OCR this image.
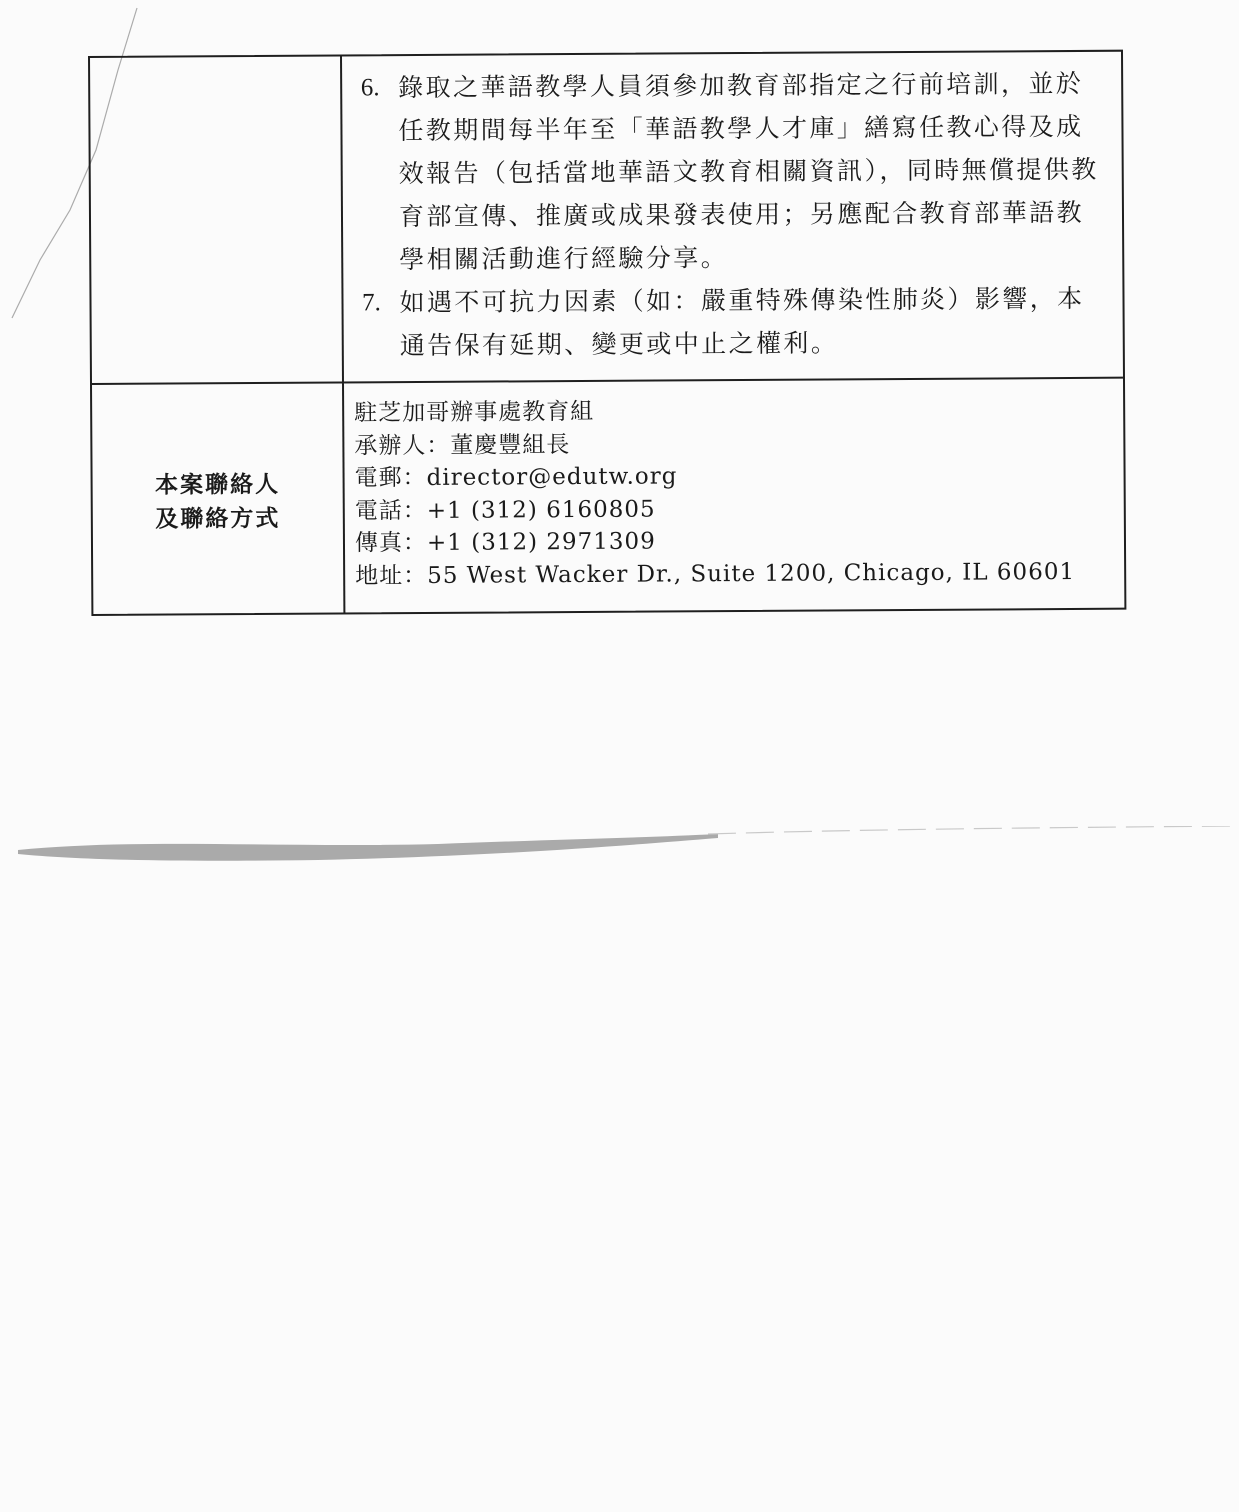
6. 錄取之華語教學人員須參加教育部指定之行前培訓，並於任教期間每半年至「華語教學人才庫」繕寫任教心得及成效報告（包括當地華語文教育相關資訊），同時無償提供教育部宣傳、推廣或成果發表使用；另應配合教育部華語教學相關活動進行經驗分享。
7. 如遇不可抗力因素（如：嚴重特殊傳染性肺炎）影響，本通告保有延期、變更或中止之權利。
本案聯絡人
及聯絡方式
駐芝加哥辦事處教育組
承辦人：董慶豐組長
電郵：director@edutw.org
電話：+1 (312) 6160805
傳真：+1 (312) 2971309
地址：55 West Wacker Dr., Suite 1200, Chicago, IL 60601
